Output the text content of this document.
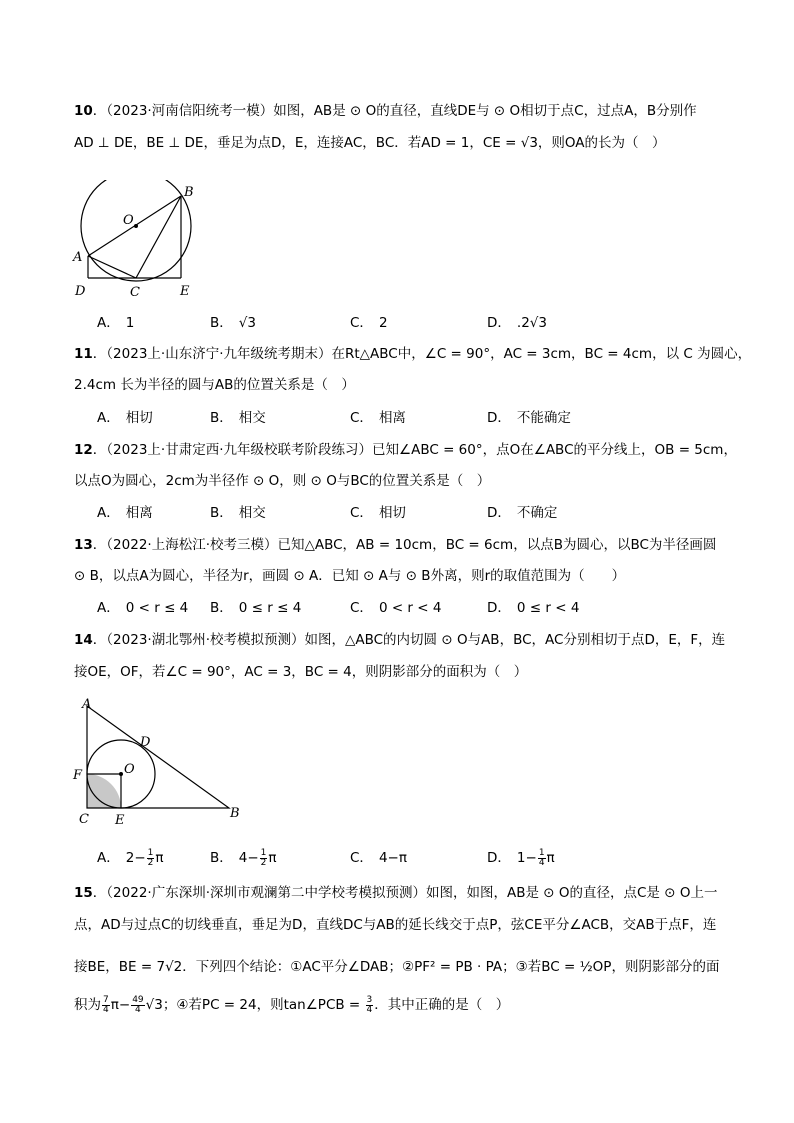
10．（2023·河南信阳统考一模）如图，AB是 ⊙ O的直径，直线DE与 ⊙ O相切于点C，过点A，B分别作
AD ⊥ DE，BE ⊥ DE，垂足为点D，E，连接AC，BC．若AD = 1，CE = √3，则OA的长为（　）
O
B
A
D	C	E
A． 1	B． √3	C． 2	D． .2√3
11．（2023上·山东济宁·九年级统考期末）在Rt△ABC中，∠C = 90°，AC = 3cm，BC = 4cm，以 C 为圆心，
2.4cm 长为半径的圆与AB的位置关系是（　）
A． 相切	B． 相交	C． 相离	D． 不能确定
12．（2023上·甘肃定西·九年级校联考阶段练习）已知∠ABC = 60°，点O在∠ABC的平分线上，OB = 5cm，
以点O为圆心，2cm为半径作 ⊙ O，则 ⊙ O与BC的位置关系是（　）
A． 相离	B． 相交	C． 相切	D． 不确定
13．（2022·上海松江·校考三模）已知△ABC，AB = 10cm，BC = 6cm，以点B为圆心，以BC为半径画圆
⊙ B，以点A为圆心，半径为r，画圆 ⊙ A．已知 ⊙ A与 ⊙ B外离，则r的取值范围为（　　）
A． 0 < r ≤ 4 B． 0 ≤ r ≤ 4	C． 0 < r < 4	D． 0 ≤ r < 4
14．（2023·湖北鄂州·校考模拟预测）如图，△ABC的内切圆 ⊙ O与AB，BC，AC分别相切于点D，E，F，连
接OE，OF，若∠C = 90°，AC = 3，BC = 4，则阴影部分的面积为（　）
A
D
O
F
C E	B
A． $2- \frac{1}{2}$ π	B． $4- \frac{1}{2}$ π	C． 4−π	D． $1- \frac{1}{4}$ π
15．（2022·广东深圳·深圳市观澜第二中学校考模拟预测）如图，如图，AB是 ⊙ O的直径，点C是 ⊙ O上一
点，AD与过点C的切线垂直，垂足为D，直线DC与AB的延长线交于点P，弦CE平分∠ACB，交AB于点F，连
接BE，BE = 7√2．下列四个结论：①AC平分∠DAB；②PF² = PB · PA；③若BC = ½OP，则阴影部分的面
积为 $\frac{7}{4} \pi- \frac{49}{4} √3$；④若PC = 24，则tan∠PCB = $\frac{3}{4}$ ．其中正确的是（　）
